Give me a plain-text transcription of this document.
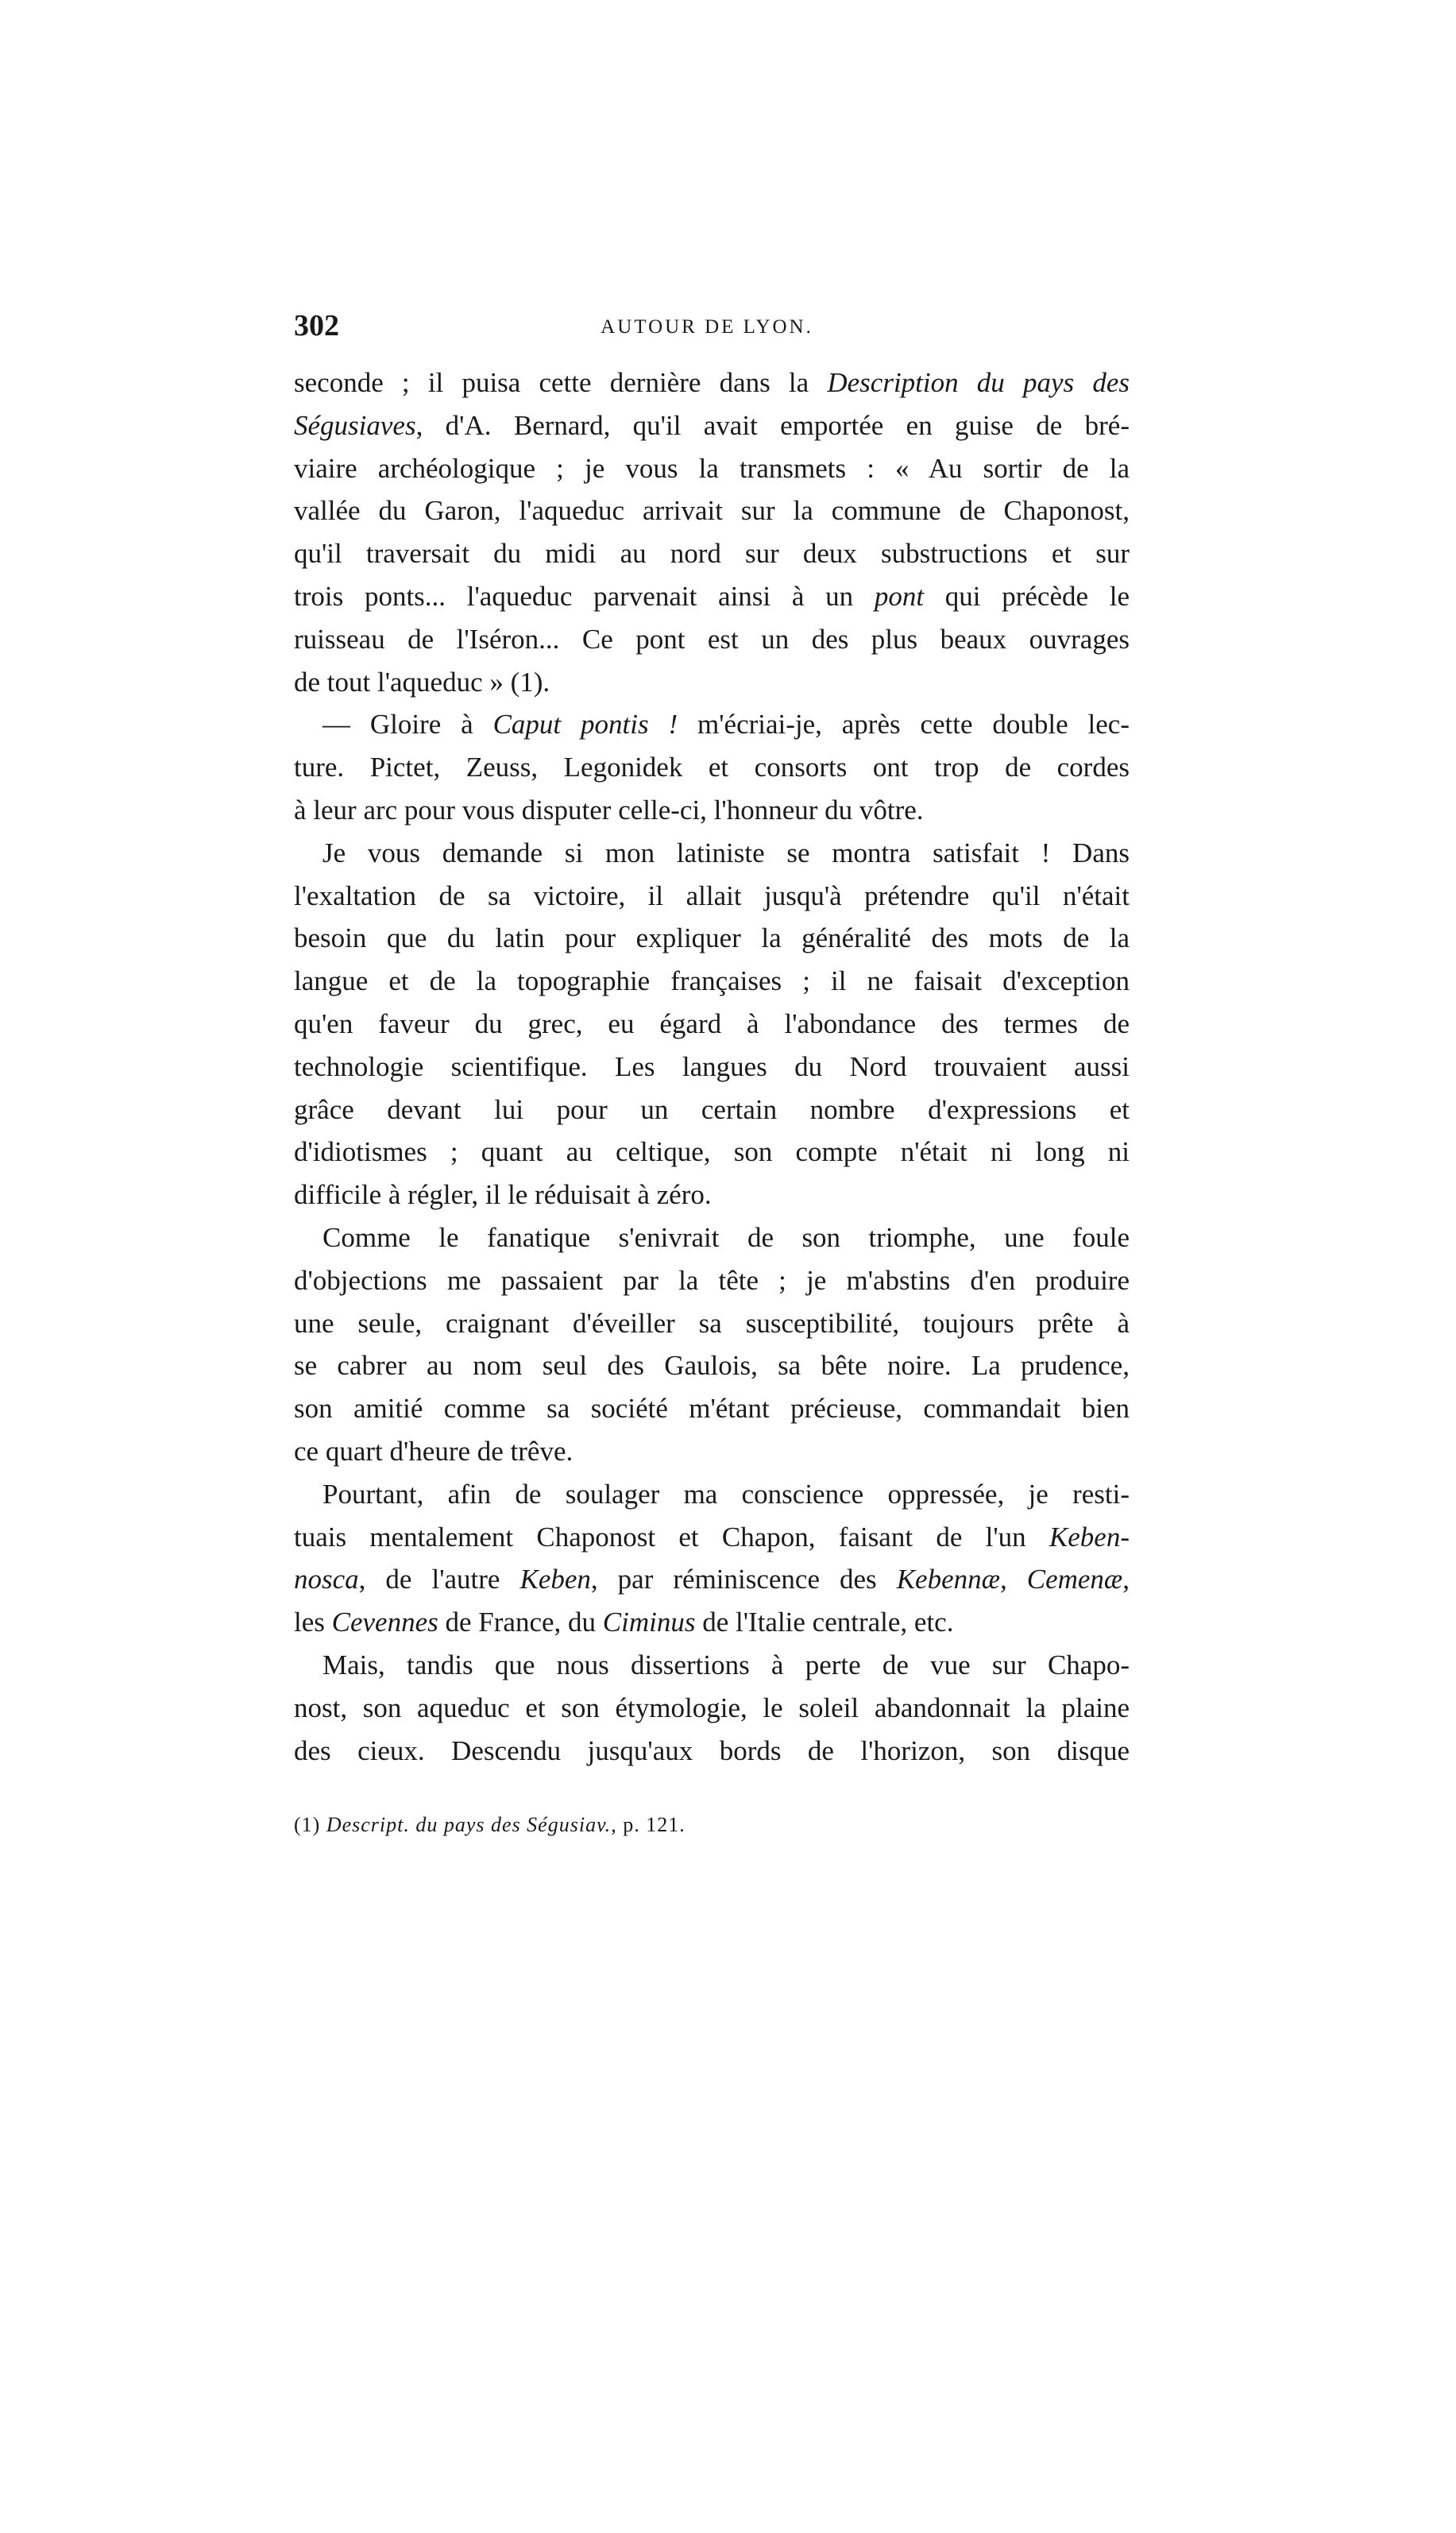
302	AUTOUR DE LYON.
seconde ; il puisa cette dernière dans la Description du pays des
Ségusiaves, d'A. Bernard, qu'il avait emportée en guise de bré-
viaire archéologique ; je vous la transmets : « Au sortir de la
vallée du Garon, l'aqueduc arrivait sur la commune de Chaponost,
qu'il traversait du midi au nord sur deux substructions et sur
trois ponts... l'aqueduc parvenait ainsi à un pont qui précède le
ruisseau de l'Iséron... Ce pont est un des plus beaux ouvrages
de tout l'aqueduc » (1).
— Gloire à Caput pontis ! m'écriai-je, après cette double lec-
ture. Pictet, Zeuss, Legonidek et consorts ont trop de cordes
à leur arc pour vous disputer celle-ci, l'honneur du vôtre.
Je vous demande si mon latiniste se montra satisfait ! Dans
l'exaltation de sa victoire, il allait jusqu'à prétendre qu'il n'était
besoin que du latin pour expliquer la généralité des mots de la
langue et de la topographie françaises ; il ne faisait d'exception
qu'en faveur du grec, eu égard à l'abondance des termes de
technologie scientifique. Les langues du Nord trouvaient aussi
grâce devant lui pour un certain nombre d'expressions et
d'idiotismes ; quant au celtique, son compte n'était ni long ni
difficile à régler, il le réduisait à zéro.
Comme le fanatique s'enivrait de son triomphe, une foule
d'objections me passaient par la tête ; je m'abstins d'en produire
une seule, craignant d'éveiller sa susceptibilité, toujours prête à
se cabrer au nom seul des Gaulois, sa bête noire. La prudence,
son amitié comme sa société m'étant précieuse, commandait bien
ce quart d'heure de trêve.
Pourtant, afin de soulager ma conscience oppressée, je resti-
tuais mentalement Chaponost et Chapon, faisant de l'un Keben-
nosca, de l'autre Keben, par réminiscence des Kebennæ, Cemenæ,
les Cevennes de France, du Ciminus de l'Italie centrale, etc.
Mais, tandis que nous dissertions à perte de vue sur Chapo-
nost, son aqueduc et son étymologie, le soleil abandonnait la plaine
des cieux. Descendu jusqu'aux bords de l'horizon, son disque
(1) Descript. du pays des Ségusiav., p. 121.
